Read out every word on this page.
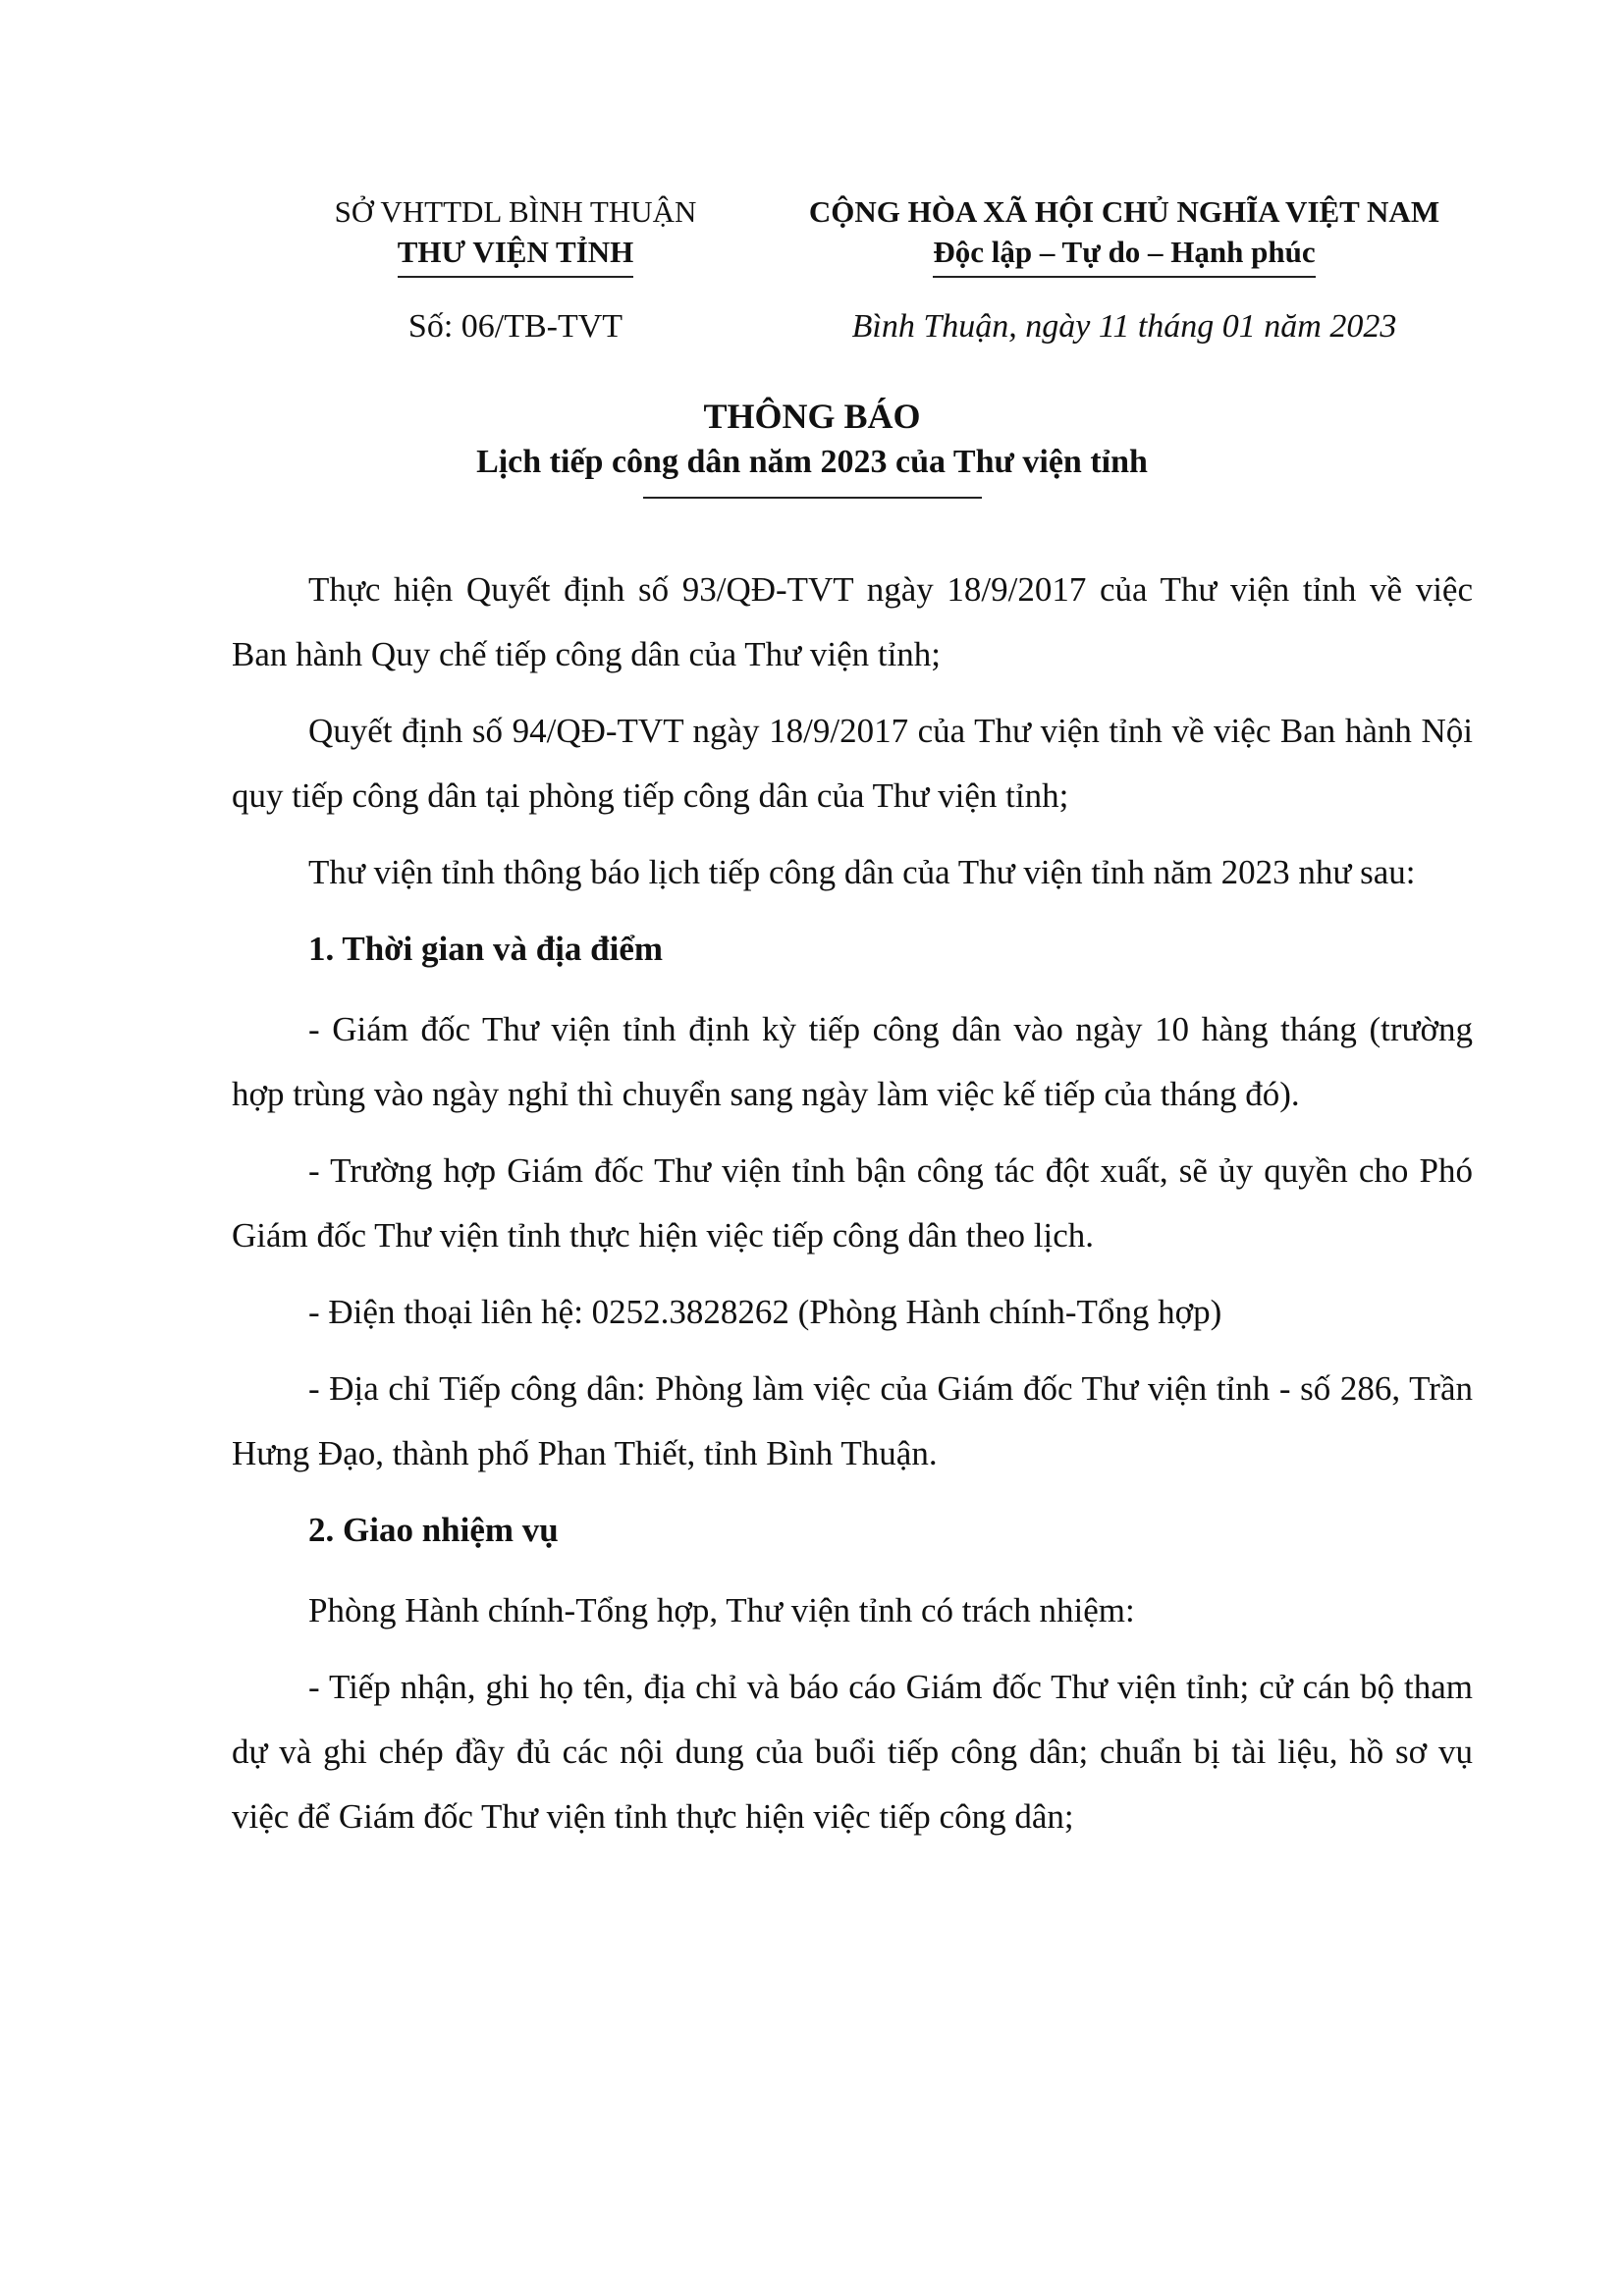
SỞ VHTTDL BÌNH THUẬN
THƯ VIỆN TỈNH
CỘNG HÒA XÃ HỘI CHỦ NGHĨA VIỆT NAM
Độc lập – Tự do – Hạnh phúc
Số: 06/TB-TVT	Bình Thuận, ngày 11 tháng 01 năm 2023
THÔNG BÁO
Lịch tiếp công dân năm 2023 của Thư viện tỉnh

Thực hiện Quyết định số 93/QĐ-TVT ngày 18/9/2017 của Thư viện tỉnh về việc Ban hành Quy chế tiếp công dân của Thư viện tỉnh;

Quyết định số 94/QĐ-TVT ngày 18/9/2017 của Thư viện tỉnh về việc Ban hành Nội quy tiếp công dân tại phòng tiếp công dân của Thư viện tỉnh;

Thư viện tỉnh thông báo lịch tiếp công dân của Thư viện tỉnh năm 2023 như sau:

1. Thời gian và địa điểm

- Giám đốc Thư viện tỉnh định kỳ tiếp công dân vào ngày 10 hàng tháng (trường hợp trùng vào ngày nghỉ thì chuyển sang ngày làm việc kế tiếp của tháng đó).

- Trường hợp Giám đốc Thư viện tỉnh bận công tác đột xuất, sẽ ủy quyền cho Phó Giám đốc Thư viện tỉnh thực hiện việc tiếp công dân theo lịch.

- Điện thoại liên hệ: 0252.3828262 (Phòng Hành chính-Tổng hợp)

- Địa chỉ Tiếp công dân: Phòng làm việc của Giám đốc Thư viện tỉnh - số 286, Trần Hưng Đạo, thành phố Phan Thiết, tỉnh Bình Thuận.

2. Giao nhiệm vụ

Phòng Hành chính-Tổng hợp, Thư viện tỉnh có trách nhiệm:

- Tiếp nhận, ghi họ tên, địa chỉ và báo cáo Giám đốc Thư viện tỉnh; cử cán bộ tham dự và ghi chép đầy đủ các nội dung của buổi tiếp công dân; chuẩn bị tài liệu, hồ sơ vụ việc để Giám đốc Thư viện tỉnh thực hiện việc tiếp công dân;
